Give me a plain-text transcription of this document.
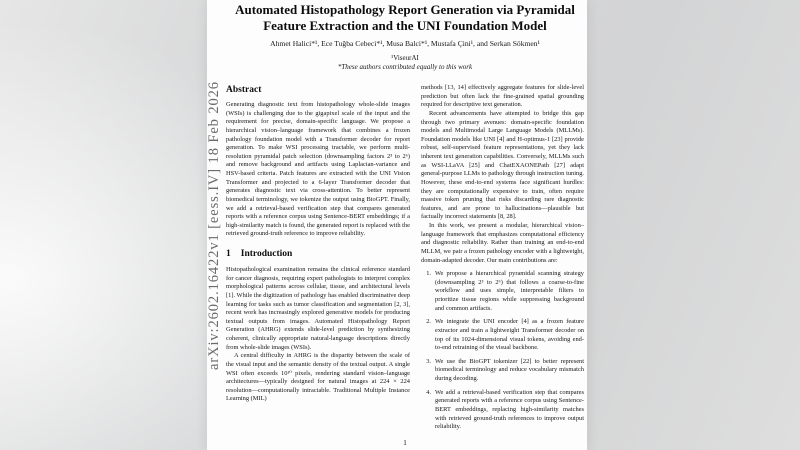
Automated Histopathology Report Generation via Pyramidal
Feature Extraction and the UNI Foundation Model
Ahmet Halici*¹, Ece Tuğba Cebeci*¹, Musa Balci*¹, Mustafa Çini¹, and Serkan Sökmen¹
¹ViseurAI
*These authors contributed equally to this work
Abstract

Generating diagnostic text from histopathology whole-slide images (WSIs) is challenging due to the gigapixel scale of the input and the requirement for precise, domain-specific language. We propose a hierarchical vision–language framework that combines a frozen pathology foundation model with a Transformer decoder for report generation. To make WSI processing tractable, we perform multi-resolution pyramidal patch selection (downsampling factors 2³ to 2⁶) and remove background and artifacts using Laplacian-variance and HSV-based criteria. Patch features are extracted with the UNI Vision Transformer and projected to a 6-layer Transformer decoder that generates diagnostic text via cross-attention. To better represent biomedical terminology, we tokenize the output using BioGPT. Finally, we add a retrieval-based verification step that compares generated reports with a reference corpus using Sentence-BERT embeddings; if a high-similarity match is found, the generated report is replaced with the retrieved ground-truth reference to improve reliability.

1 Introduction

Histopathological examination remains the clinical reference standard for cancer diagnosis, requiring expert pathologists to interpret complex morphological patterns across cellular, tissue, and architectural levels [1]. While the digitization of pathology has enabled discriminative deep learning for tasks such as tumor classification and segmentation [2, 3], recent work has increasingly explored generative models for producing textual outputs from images. Automated Histopathology Report Generation (AHRG) extends slide-level prediction by synthesizing coherent, clinically appropriate natural-language descriptions directly from whole-slide images (WSIs).

A central difficulty in AHRG is the disparity between the scale of the visual input and the semantic density of the textual output. A single WSI often exceeds 10¹⁰ pixels, rendering standard vision–language architectures—typically designed for natural images at 224 × 224 resolution—computationally intractable. Traditional Multiple Instance Learning (MIL)

methods [13, 14] effectively aggregate features for slide-level prediction but often lack the fine-grained spatial grounding required for descriptive text generation.

Recent advancements have attempted to bridge this gap through two primary avenues: domain-specific foundation models and Multimodal Large Language Models (MLLMs). Foundation models like UNI [4] and H-optimus-1 [23] provide robust, self-supervised feature representations, yet they lack inherent text generation capabilities. Conversely, MLLMs such as WSI-LLaVA [25] and ChatEXAONEPath [27] adapt general-purpose LLMs to pathology through instruction tuning. However, these end-to-end systems face significant hurdles: they are computationally expensive to train, often require massive token pruning that risks discarding rare diagnostic features, and are prone to hallucinations—plausible but factually incorrect statements [8, 28].

In this work, we present a modular, hierarchical vision–language framework that emphasizes computational efficiency and diagnostic reliability. Rather than training an end-to-end MLLM, we pair a frozen pathology encoder with a lightweight, domain-adapted decoder. Our main contributions are:

1. We propose a hierarchical pyramidal scanning strategy (downsampling 2³ to 2⁶) that follows a coarse-to-fine workflow and uses simple, interpretable filters to prioritize tissue regions while suppressing background and common artifacts.

2. We integrate the UNI encoder [4] as a frozen feature extractor and train a lightweight Transformer decoder on top of its 1024-dimensional visual tokens, avoiding end-to-end retraining of the visual backbone.

3. We use the BioGPT tokenizer [22] to better represent biomedical terminology and reduce vocabulary mismatch during decoding.

4. We add a retrieval-based verification step that compares generated reports with a reference corpus using Sentence-BERT embeddings, replacing high-similarity matches with retrieved ground-truth references to improve output reliability.

1
arXiv:2602.16422v1 [eess.IV] 18 Feb 2026
